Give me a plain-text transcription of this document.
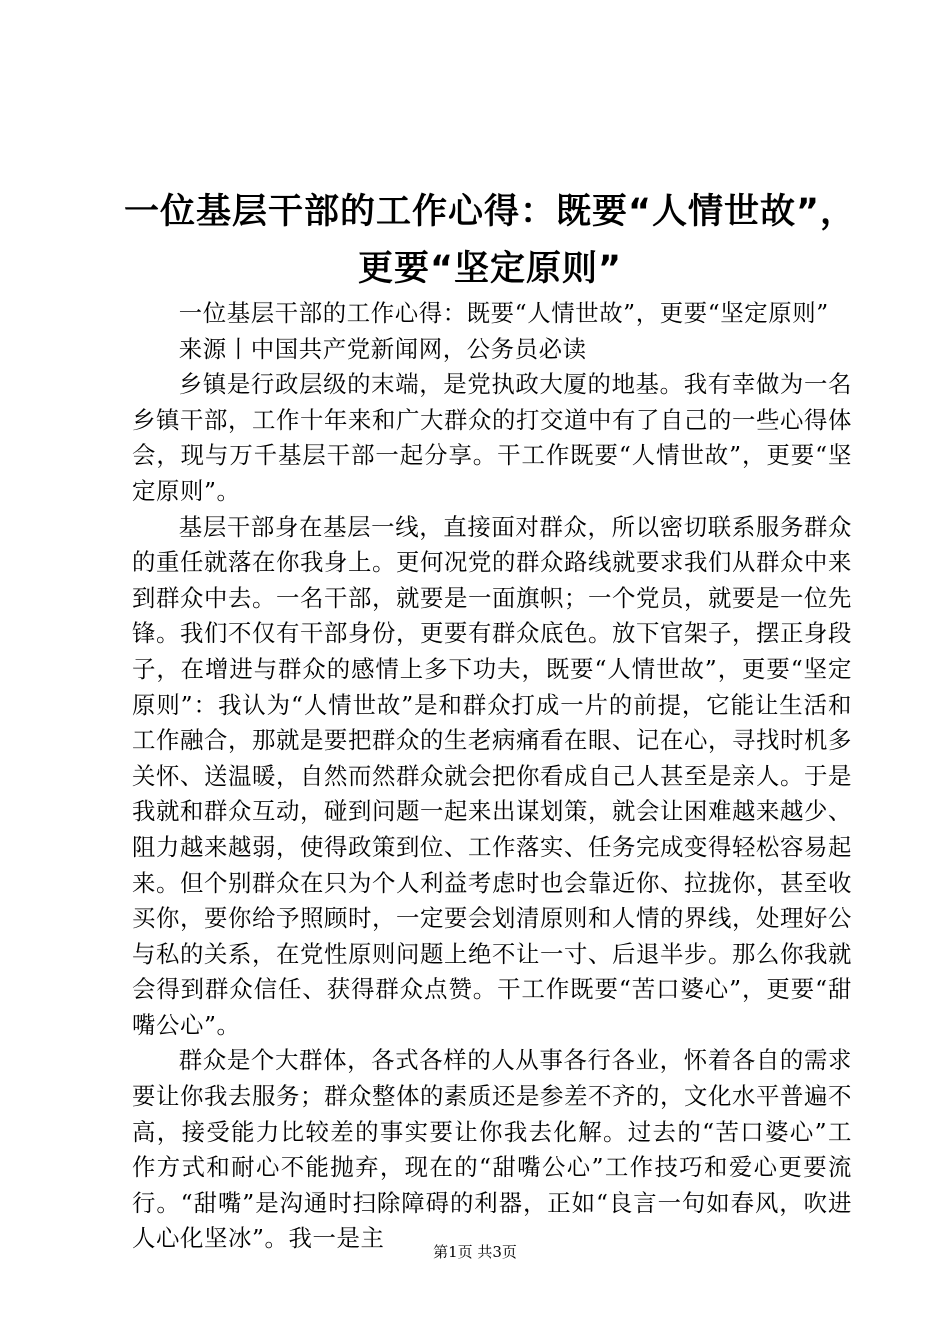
一位基层干部的工作心得：既要“人情世故”，
更要“坚定原则”

一位基层干部的工作心得：既要“人情世故”，更要“坚定原则”

来源丨中国共产党新闻网，公务员必读

乡镇是行政层级的末端，是党执政大厦的地基。我有幸做为一名乡镇干部，工作十年来和广大群众的打交道中有了自己的一些心得体会，现与万千基层干部一起分享。干工作既要“人情世故”，更要“坚定原则”。

基层干部身在基层一线，直接面对群众，所以密切联系服务群众的重任就落在你我身上。更何况党的群众路线就要求我们从群众中来到群众中去。一名干部，就要是一面旗帜；一个党员，就要是一位先锋。我们不仅有干部身份，更要有群众底色。放下官架子，摆正身段子，在增进与群众的感情上多下功夫，既要“人情世故”，更要“坚定原则”：我认为“人情世故”是和群众打成一片的前提，它能让生活和工作融合，那就是要把群众的生老病痛看在眼、记在心，寻找时机多关怀、送温暖，自然而然群众就会把你看成自己人甚至是亲人。于是我就和群众互动，碰到问题一起来出谋划策，就会让困难越来越少、阻力越来越弱，使得政策到位、工作落实、任务完成变得轻松容易起来。但个别群众在只为个人利益考虑时也会靠近你、拉拢你，甚至收买你，要你给予照顾时，一定要会划清原则和人情的界线，处理好公与私的关系，在党性原则问题上绝不让一寸、后退半步。那么你我就会得到群众信任、获得群众点赞。干工作既要“苦口婆心”，更要“甜嘴公心”。

群众是个大群体，各式各样的人从事各行各业，怀着各自的需求要让你我去服务；群众整体的素质还是参差不齐的，文化水平普遍不高，接受能力比较差的事实要让你我去化解。过去的“苦口婆心”工作方式和耐心不能抛弃，现在的“甜嘴公心”工作技巧和爱心更要流行。“甜嘴”是沟通时扫除障碍的利器，正如“良言一句如春风，吹进人心化坚冰”。我一是主	第1页 共3页
